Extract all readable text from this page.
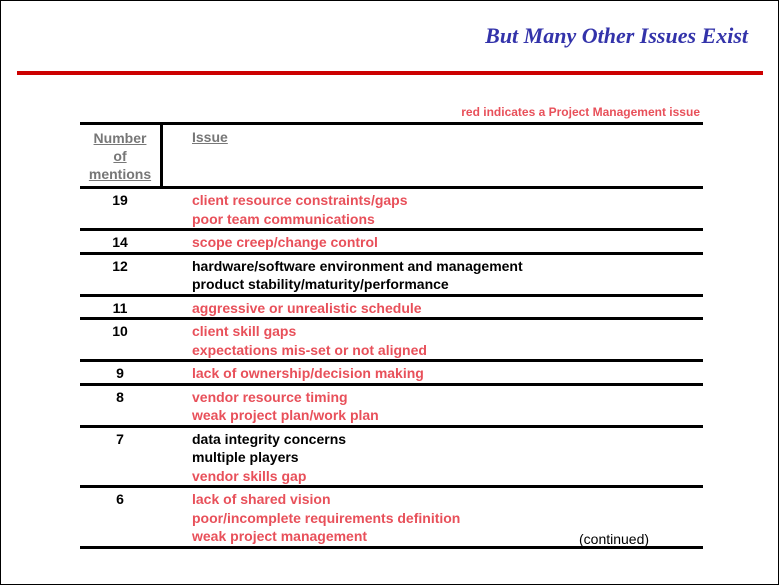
But Many Other Issues Exist
red indicates a Project Management issue
Number
of
mentions
Issue
19	client resource constraints/gaps
poor team communications
14	scope creep/change control
12	hardware/software environment and management
product stability/maturity/performance
11	aggressive or unrealistic schedule
10	client skill gaps
expectations mis-set or not aligned
9	lack of ownership/decision making
8	vendor resource timing
weak project plan/work plan
7	data integrity concerns
multiple players
vendor skills gap
6	lack of shared vision
poor/incomplete requirements definition
weak project management	(continued)
